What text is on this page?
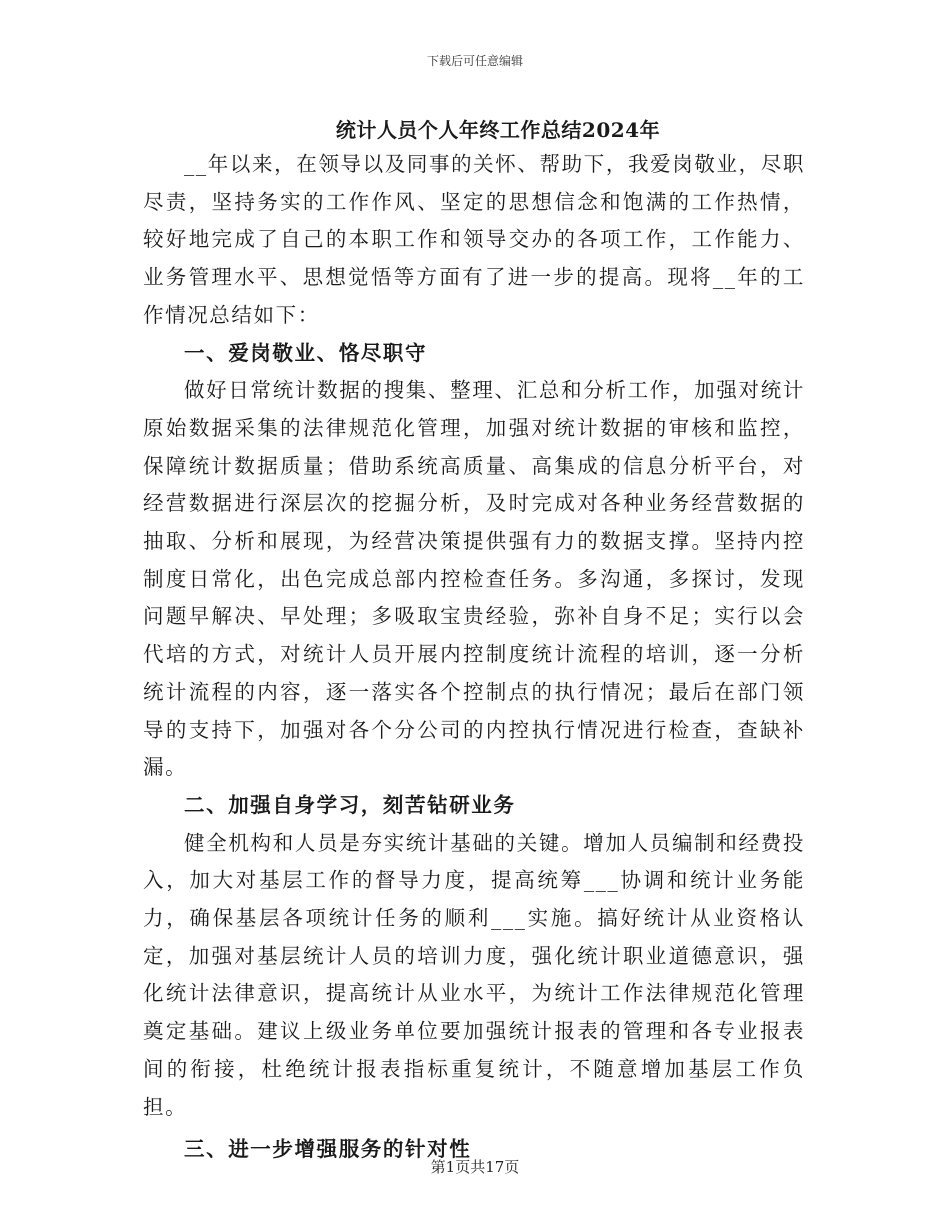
下载后可任意编辑
统计人员个人年终工作总结2024年

__年以来，在领导以及同事的关怀、帮助下，我爱岗敬业，尽职尽责，坚持务实的工作作风、坚定的思想信念和饱满的工作热情，较好地完成了自己的本职工作和领导交办的各项工作，工作能力、业务管理水平、思想觉悟等方面有了进一步的提高。现将__年的工作情况总结如下：

一、爱岗敬业、恪尽职守

做好日常统计数据的搜集、整理、汇总和分析工作，加强对统计原始数据采集的法律规范化管理，加强对统计数据的审核和监控，保障统计数据质量；借助系统高质量、高集成的信息分析平台，对经营数据进行深层次的挖掘分析，及时完成对各种业务经营数据的抽取、分析和展现，为经营决策提供强有力的数据支撑。坚持内控制度日常化，出色完成总部内控检查任务。多沟通，多探讨，发现问题早解决、早处理；多吸取宝贵经验，弥补自身不足；实行以会代培的方式，对统计人员开展内控制度统计流程的培训，逐一分析统计流程的内容，逐一落实各个控制点的执行情况；最后在部门领导的支持下，加强对各个分公司的内控执行情况进行检查，查缺补漏。

二、加强自身学习，刻苦钻研业务

健全机构和人员是夯实统计基础的关键。增加人员编制和经费投入，加大对基层工作的督导力度，提高统筹___协调和统计业务能力，确保基层各项统计任务的顺利___实施。搞好统计从业资格认定，加强对基层统计人员的培训力度，强化统计职业道德意识，强化统计法律意识，提高统计从业水平，为统计工作法律规范化管理奠定基础。建议上级业务单位要加强统计报表的管理和各专业报表间的衔接，杜绝统计报表指标重复统计，不随意增加基层工作负担。

三、进一步增强服务的针对性

第1页共17页
